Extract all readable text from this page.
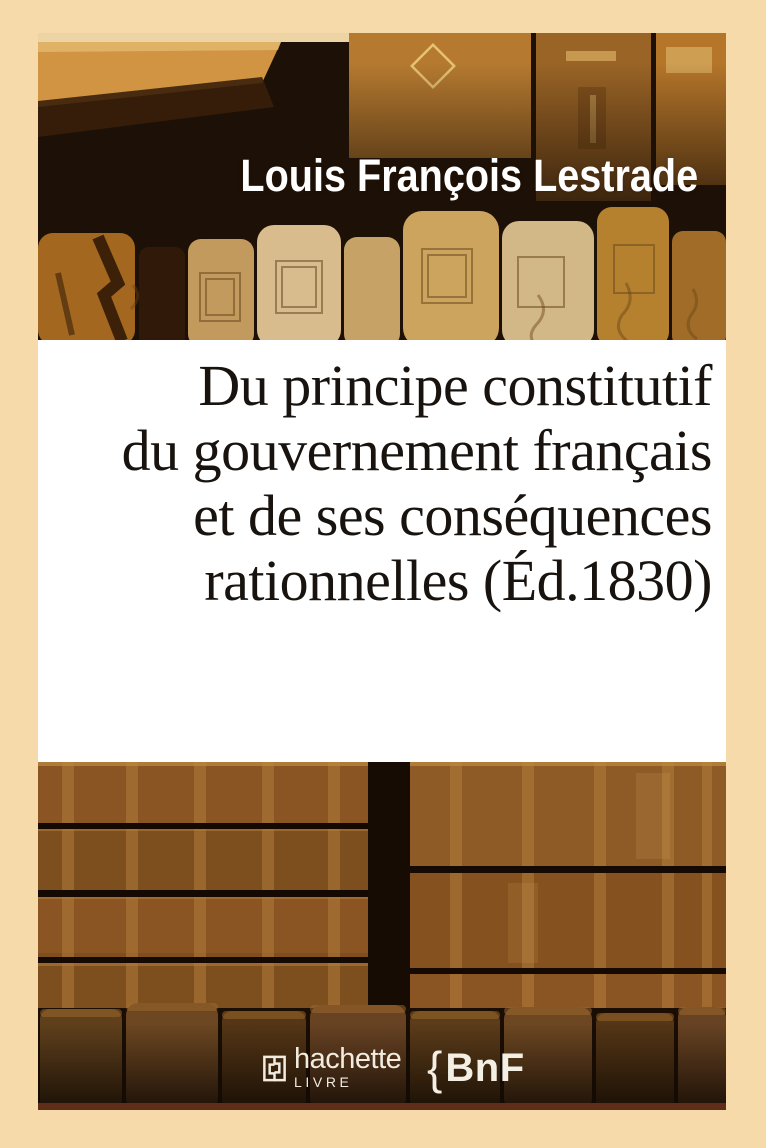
Louis François Lestrade
Du principe constitutif
du gouvernement français
et de ses conséquences
rationnelles (Éd.1830)
hachette
LIVRE	{ BnF
